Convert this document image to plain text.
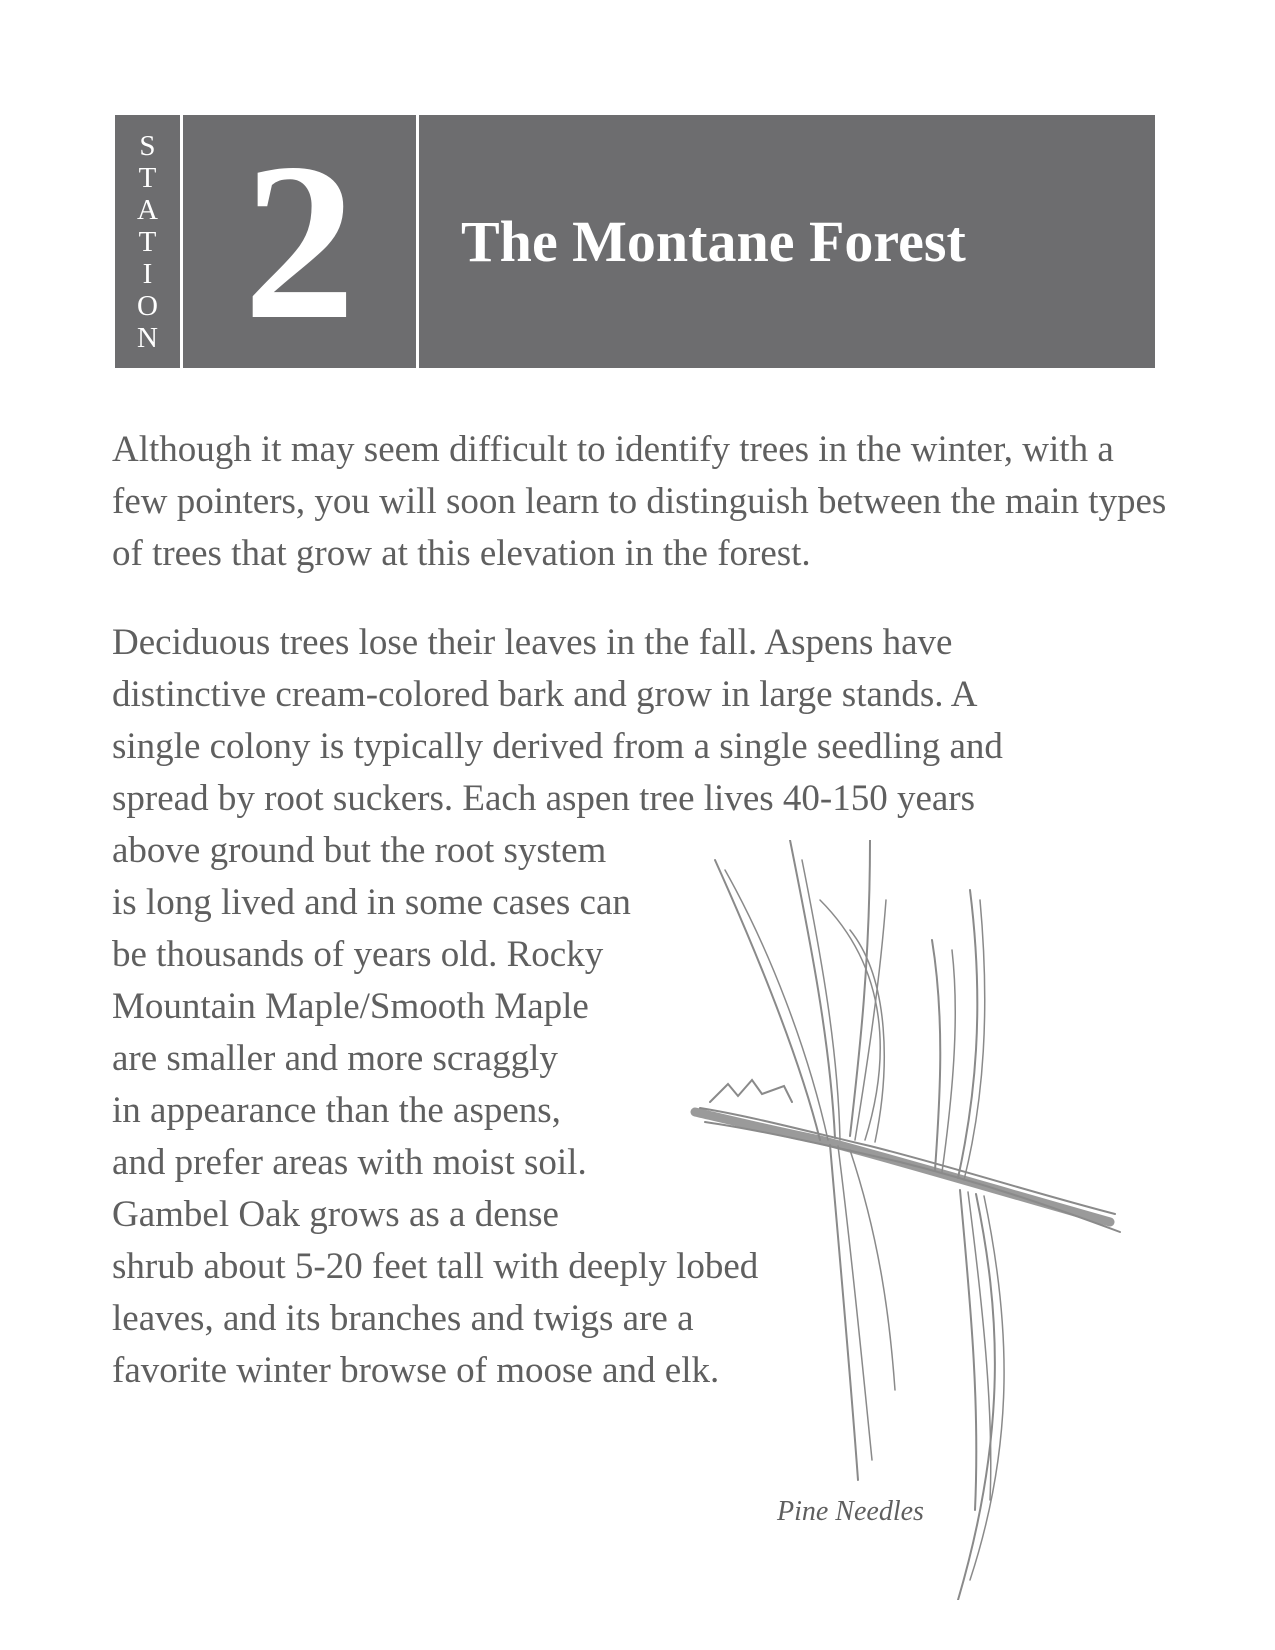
S
T
A
T
I
O
N 2	The Montane Forest

Although it may seem difficult to identify trees in the winter, with a few pointers, you will soon learn to distinguish between the main types of trees that grow at this elevation in the forest.

Deciduous trees lose their leaves in the fall. Aspens have
distinctive cream-colored bark and grow in large stands. A
single colony is typically derived from a single seedling and
spread by root suckers. Each aspen tree lives 40-150 years
above ground but the root system
is long lived and in some cases can
be thousands of years old. Rocky
Mountain Maple/Smooth Maple
are smaller and more scraggly
in appearance than the aspens,
and prefer areas with moist soil.
Gambel Oak grows as a dense
shrub about 5-20 feet tall with deeply lobed
leaves, and its branches and twigs are a
favorite winter browse of moose and elk.
Pine Needles
